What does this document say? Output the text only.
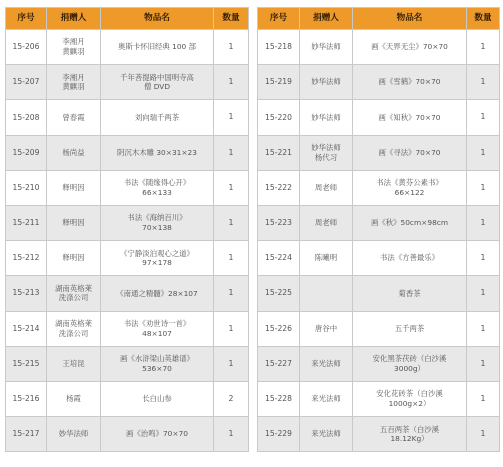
序号	捐赠人	物品名	数量
15-206	李湘月
黄麒羽	奥斯卡怀旧经典 100 部	1
15-207	李湘月
黄麒羽	千年菩提路中国明寺高
僧 DVD	1
15-208	曾春霞	刘向瑞千两茶	1
15-209	杨尚益	阴沉木木雕 30×31×23	1
15-210	释明因	书法《随缘得心开》
66×133	1
15-211	释明因	书法《海纳百川》
70×138	1
15-212	释明因	《宁静淡泊观心之道》
97×178	1
15-213	湖南英格莱
洗涤公司	《南通之精髓》28×107	1
15-214	湖南英格莱
洗涤公司	书法《劝世诗一首》
48×107	1
15-215	王培昆	画《水浒梁山英雄谱》
536×70	1
15-216	杨霞	长白山参	2
15-217	妙华法师	画《治鸣》70×70	1
序号	捐赠人	物品名	数量
15-218	妙华法师	画《天界无尘》70×70	1
15-219	妙华法师	画《雪鹤》70×70	1
15-220	妙华法师	画《知秋》70×70	1
15-221	妙华法师
杨代习	画《寻法》70×70	1
15-222	周老师	书法《黄芬公素书》
66×122	1
15-223	周老师	画《秋》50cm×98cm	1
15-224	陈曦明	书法《方善最乐》	1
15-225		菊香茶	1
15-226	唐谷中	五千两茶	1
15-227	来光法师	安化黑茶茯砖（白沙溪
3000g）	1
15-228	来光法师	安化花砖茶（白沙溪
1000g×2）	1
15-229	来光法师	五百两茶（白沙溪
18.12Kg）	1
